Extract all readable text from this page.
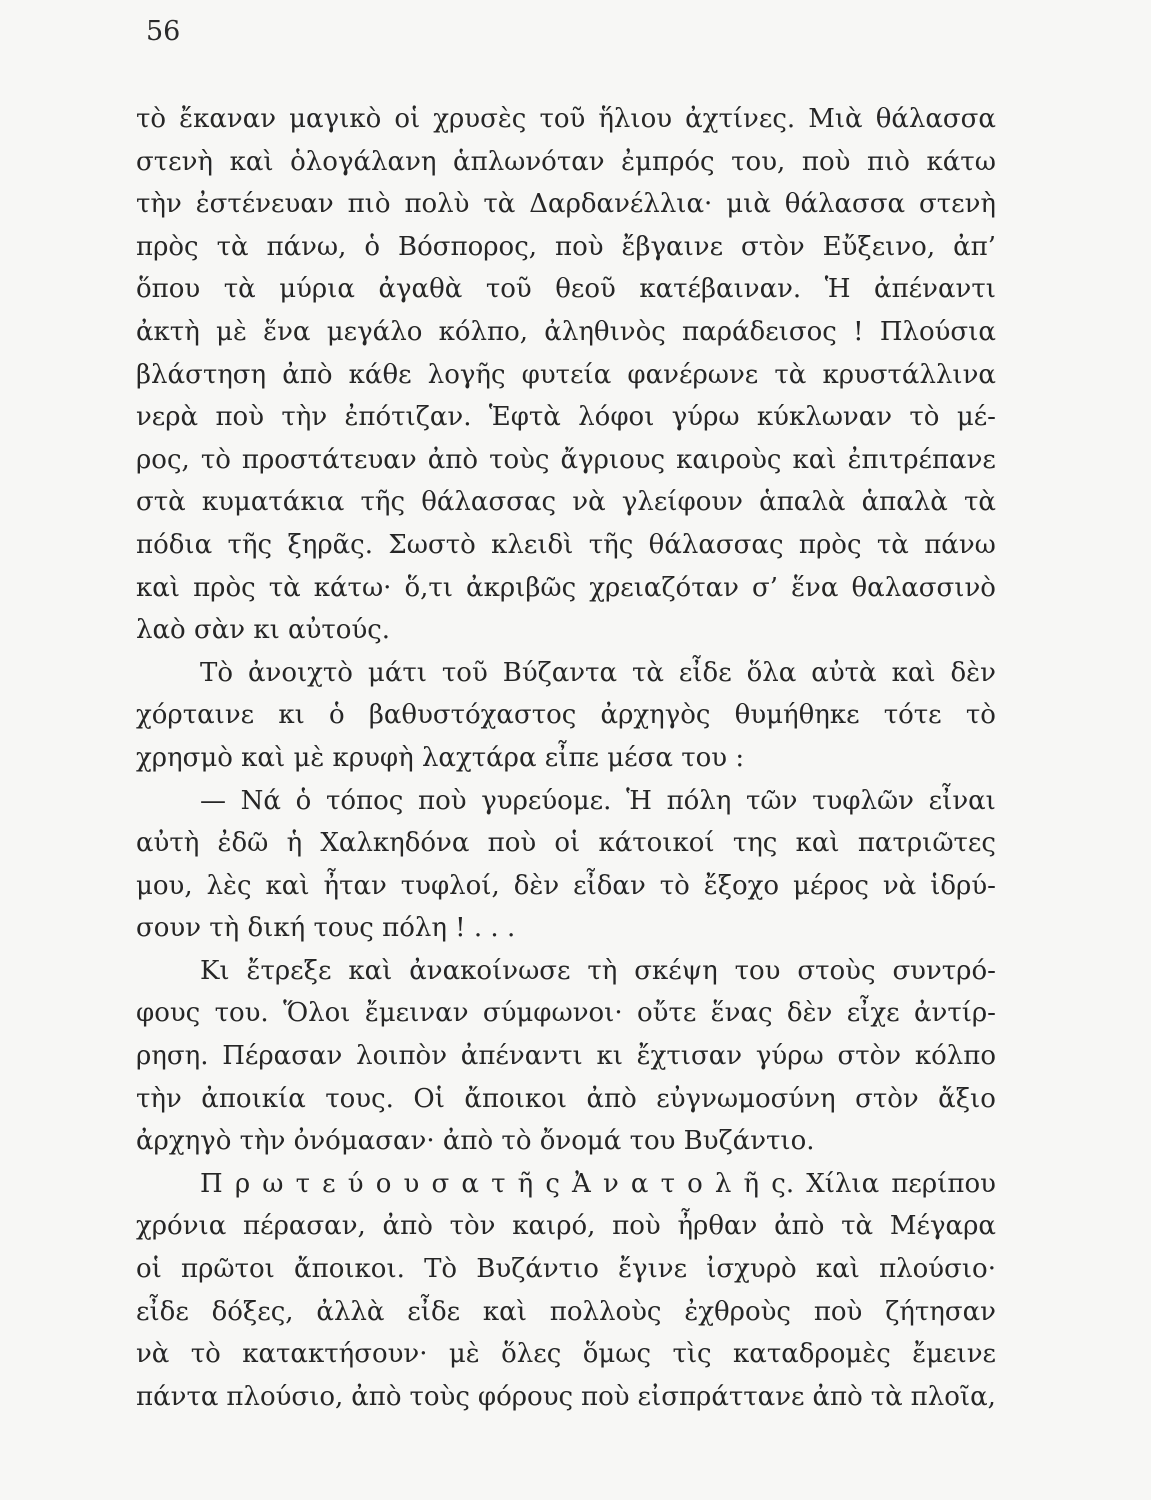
56
τὸ ἔκαναν μαγικὸ οἱ χρυσὲς τοῦ ἥλιου ἀχτίνες. Μιὰ θάλασσα
στενὴ καὶ ὁλογάλανη ἁπλωνόταν ἐμπρός του, ποὺ πιὸ κάτω
τὴν ἐστένευαν πιὸ πολὺ τὰ Δαρδανέλλια· μιὰ θάλασσα στενὴ
πρὸς τὰ πάνω, ὁ Βόσπορος, ποὺ ἔβγαινε στὸν Εὔξεινο, ἀπ’
ὅπου τὰ μύρια ἀγαθὰ τοῦ θεοῦ κατέβαιναν. Ἡ ἀπέναντι
ἀκτὴ μὲ ἕνα μεγάλο κόλπο, ἀληθινὸς παράδεισος ! Πλούσια
βλάστηση ἀπὸ κάθε λογῆς φυτεία φανέρωνε τὰ κρυστάλλινα
νερὰ ποὺ τὴν ἐπότιζαν. Ἑφτὰ λόφοι γύρω κύκλωναν τὸ μέ-
ρος, τὸ προστάτευαν ἀπὸ τοὺς ἄγριους καιροὺς καὶ ἐπιτρέπανε
στὰ κυματάκια τῆς θάλασσας νὰ γλείφουν ἁπαλὰ ἁπαλὰ τὰ
πόδια τῆς ξηρᾶς. Σωστὸ κλειδὶ τῆς θάλασσας πρὸς τὰ πάνω
καὶ πρὸς τὰ κάτω· ὅ,τι ἀκριβῶς χρειαζόταν σ’ ἕνα θαλασσινὸ
λαὸ σὰν κι αὐτούς.
Τὸ ἀνοιχτὸ μάτι τοῦ Βύζαντα τὰ εἶδε ὅλα αὐτὰ καὶ δὲν
χόρταινε κι ὁ βαθυστόχαστος ἀρχηγὸς θυμήθηκε τότε τὸ
χρησμὸ καὶ μὲ κρυφὴ λαχτάρα εἶπε μέσα του :
— Νά ὁ τόπος ποὺ γυρεύομε. Ἡ πόλη τῶν τυφλῶν εἶναι
αὐτὴ ἐδῶ ἡ Χαλκηδόνα ποὺ οἱ κάτοικοί της καὶ πατριῶτες
μου, λὲς καὶ ἦταν τυφλοί, δὲν εἶδαν τὸ ἔξοχο μέρος νὰ ἱδρύ-
σουν τὴ δική τους πόλη ! . . .
Κι ἔτρεξε καὶ ἀνακοίνωσε τὴ σκέψη του στοὺς συντρό-
φους του. Ὅλοι ἔμειναν σύμφωνοι· οὔτε ἕνας δὲν εἶχε ἀντίρ-
ρηση. Πέρασαν λοιπὸν ἀπέναντι κι ἔχτισαν γύρω στὸν κόλπο
τὴν ἀποικία τους. Οἱ ἄποικοι ἀπὸ εὐγνωμοσύνη στὸν ἄξιο
ἀρχηγὸ τὴν ὀνόμασαν· ἀπὸ τὸ ὄνομά του Βυζάντιο.
Π ρ ω τ ε ύ ο υ σ α τ ῆ ς Ἀ ν α τ ο λ ῆ ς. Χίλια περίπου
χρόνια πέρασαν, ἀπὸ τὸν καιρό, ποὺ ἦρθαν ἀπὸ τὰ Μέγαρα
οἱ πρῶτοι ἄποικοι. Τὸ Βυζάντιο ἔγινε ἰσχυρὸ καὶ πλούσιο·
εἶδε δόξες, ἀλλὰ εἶδε καὶ πολλοὺς ἐχθροὺς ποὺ ζήτησαν
νὰ τὸ κατακτήσουν· μὲ ὅλες ὅμως τὶς καταδρομὲς ἔμεινε
πάντα πλούσιο, ἀπὸ τοὺς φόρους ποὺ εἰσπράττανε ἀπὸ τὰ πλοῖα,
